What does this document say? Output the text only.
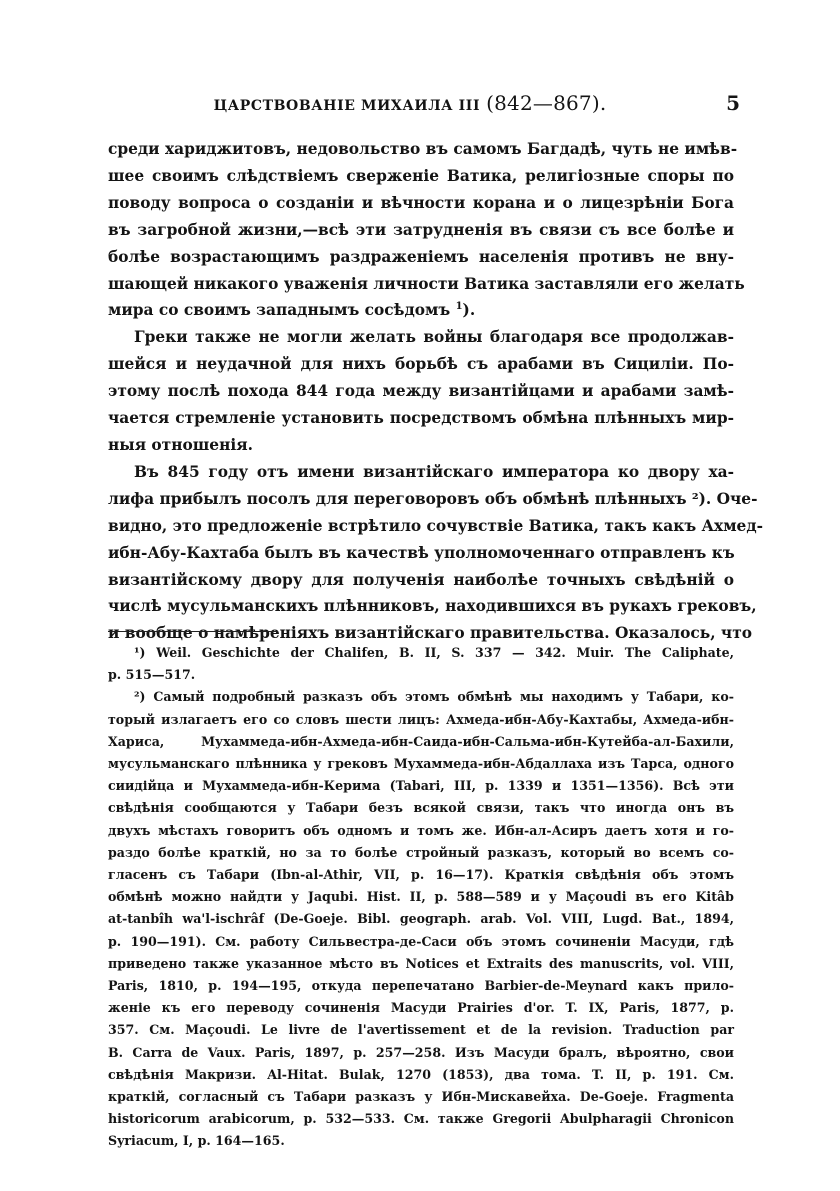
ЦАРСТВОВАНІЕ МИХАИЛА III (842—867).	5

среди хариджитовъ, недовольство въ самомъ Багдадѣ, чуть не имѣв-
шее своимъ слѣдствіемъ сверженіе Ватика, религіозные споры по
поводу вопроса о созданіи и вѣчности корана и о лицезрѣніи Бога
въ загробной жизни,—всѣ эти затрудненія въ связи съ все болѣе и
болѣе возрастающимъ раздраженіемъ населенія противъ не вну-
шающей никакого уваженія личности Ватика заставляли его желать
мира со своимъ западнымъ сосѣдомъ $^1$).

Греки также не могли желать войны благодаря все продолжав-
шейся и неудачной для нихъ борьбѣ съ арабами въ Сициліи. По-
этому послѣ похода 844 года между византійцами и арабами замѣ-
чается стремленіе установить посредствомъ обмѣна плѣнныхъ мир-
ныя отношенія.

Въ 845 году отъ имени византійскаго императора ко двору ха-
лифа прибылъ посолъ для переговоровъ объ обмѣнѣ плѣнныхъ ²). Оче-
видно, это предложеніе встрѣтило сочувствіе Ватика, такъ какъ Ахмед-
ибн-Абу-Кахтаба былъ въ качествѣ уполномоченнаго отправленъ къ
византійскому двору для полученія наиболѣе точныхъ свѣдѣній о
числѣ мусульманскихъ плѣнниковъ, находившихся въ рукахъ грековъ,
и вообще о намѣреніяхъ византійскаго правительства. Оказалось, что

¹) Weil. Geschichte der Chalifen, B. II, S. 337 — 342. Muir. The Caliphate,
p. 515—517.

²) Самый подробный разказъ объ этомъ обмѣнѣ мы находимъ у Табари, ко-
торый излагаетъ его со словъ шести лицъ: Ахмеда-ибн-Абу-Кахтабы, Ахмеда-ибн-
Хариса, Мухаммеда-ибн-Ахмеда-ибн-Саида-ибн-Сальма-ибн-Кутейба-ал-Бахили,
мусульманскаго плѣнника у грековъ Мухаммеда-ибн-Абдаллаха изъ Тарса, одного
сиидійца и Мухаммеда-ибн-Керима (Tabari, III, p. 1339 и 1351—1356). Всѣ эти
свѣдѣнія сообщаются у Табари безъ всякой связи, такъ что иногда онъ въ
двухъ мѣстахъ говоритъ объ одномъ и томъ же. Ибн-ал-Асиръ даетъ хотя и го-
раздо болѣе краткій, но за то болѣе стройный разказъ, который во всемъ со-
гласенъ съ Табари (Ibn-al-Athir, VII, p. 16—17). Краткія свѣдѣнія объ этомъ
обмѣнѣ можно найдти у Jaqubi. Hist. II, p. 588—589 и у Maçoudi въ его Kitâb
at-tanbîh wa'l-ischrâf (De-Goeje. Bibl. geograph. arab. Vol. VIII, Lugd. Bat., 1894,
p. 190—191). См. работу Сильвестра-де-Саси объ этомъ сочиненіи Масуди, гдѣ
приведено также указанное мѣсто въ Notices et Extraits des manuscrits, vol. VIII,
Paris, 1810, p. 194—195, откуда перепечатано Barbier-de-Meynard какъ прило-
женіе къ его переводу сочиненія Масуди Prairies d'or. T. IX, Paris, 1877, p.
357. См. Maçoudi. Le livre de l'avertissement et de la revision. Traduction par
B. Carra de Vaux. Paris, 1897, p. 257—258. Изъ Масуди бралъ, вѣроятно, свои
свѣдѣнія Макризи. Al-Hitat. Bulak, 1270 (1853), два тома. T. II, p. 191. См.
краткій, согласный съ Табари разказъ у Ибн-Мискавейха. De-Goeje. Fragmenta
historicorum arabicorum, p. 532—533. См. также Gregorii Abulpharagii Chronicon
Syriacum, I, p. 164—165.
